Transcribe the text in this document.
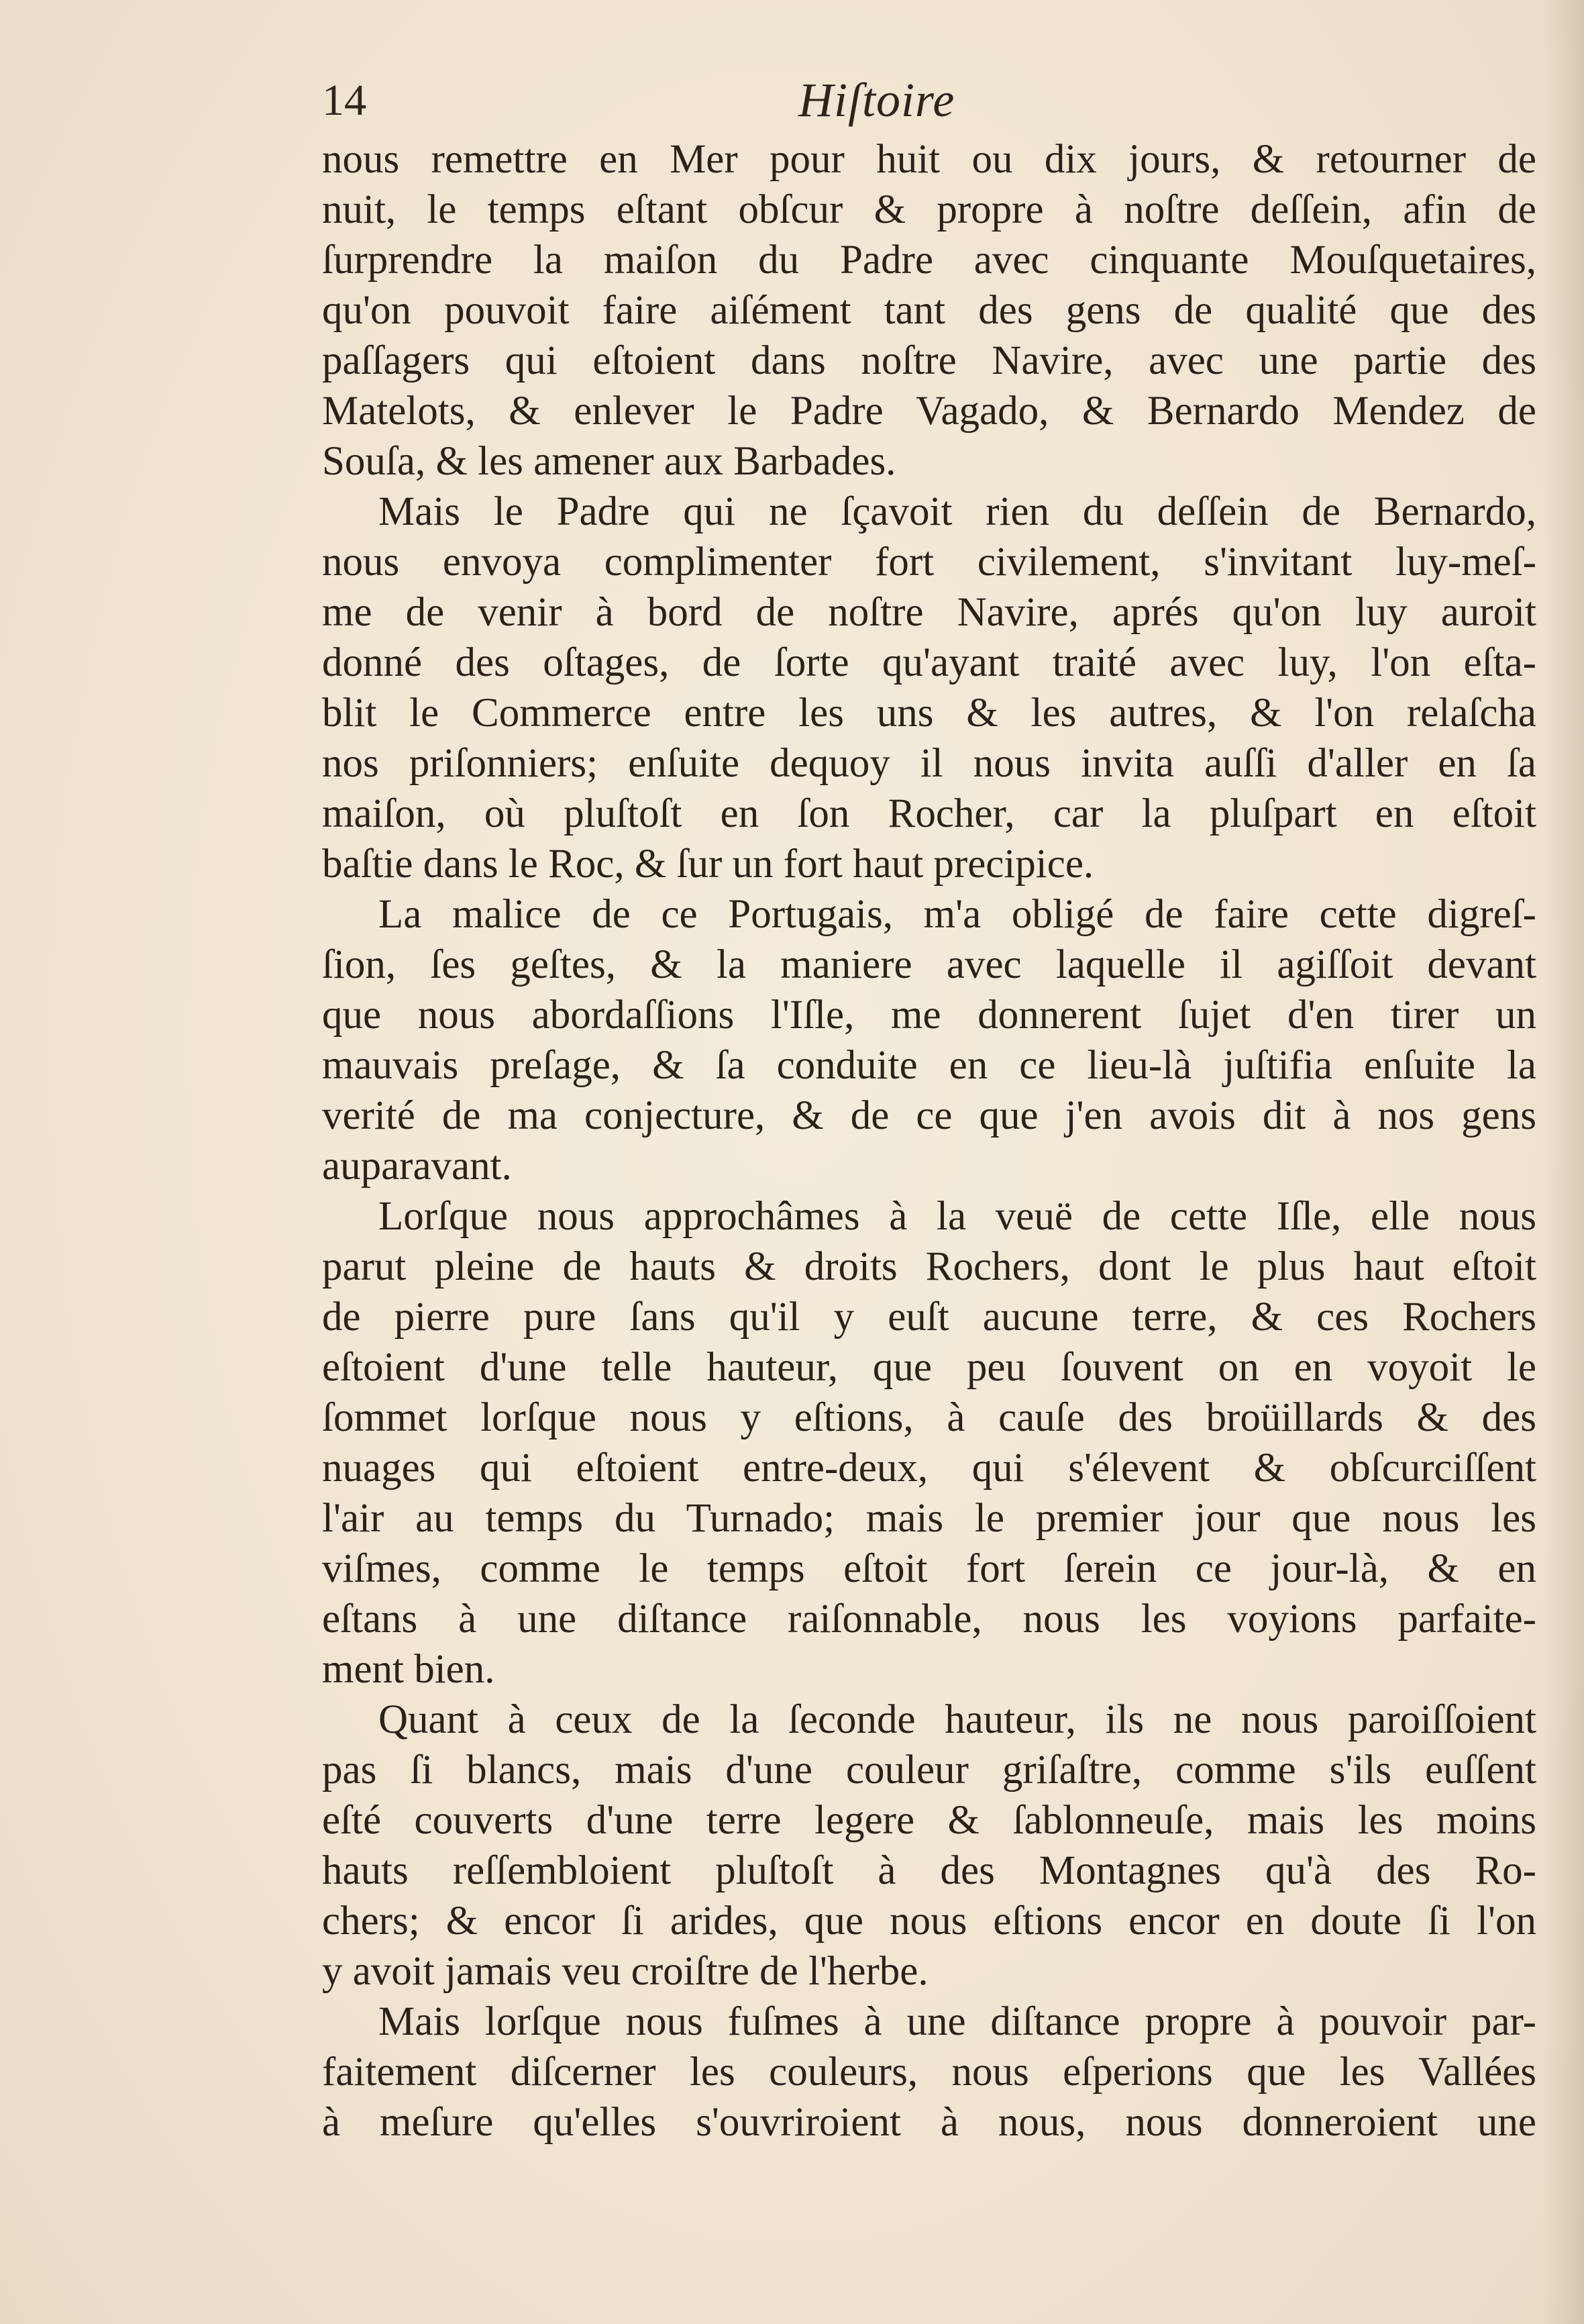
14	Hiſtoire
nous remettre en Mer pour huit ou dix jours, & retourner de
nuit, le temps eſtant obſcur & propre à noſtre deſſein, afin de
ſurprendre la maiſon du Padre avec cinquante Mouſquetaires,
qu'on pouvoit faire aiſément tant des gens de qualité que des
paſſagers qui eſtoient dans noſtre Navire, avec une partie des
Matelots, & enlever le Padre Vagado, & Bernardo Mendez de
Souſa, & les amener aux Barbades.
Mais le Padre qui ne ſçavoit rien du deſſein de Bernardo,
nous envoya complimenter fort civilement, s'invitant luy-meſ-
me de venir à bord de noſtre Navire, aprés qu'on luy auroit
donné des oſtages, de ſorte qu'ayant traité avec luy, l'on eſta-
blit le Commerce entre les uns & les autres, & l'on relaſcha
nos priſonniers; enſuite dequoy il nous invita auſſi d'aller en ſa
maiſon, où pluſtoſt en ſon Rocher, car la pluſpart en eſtoit
baſtie dans le Roc, & ſur un fort haut precipice.
La malice de ce Portugais, m'a obligé de faire cette digreſ-
ſion, ſes geſtes, & la maniere avec laquelle il agiſſoit devant
que nous abordaſſions l'Iſle, me donnerent ſujet d'en tirer un
mauvais preſage, & ſa conduite en ce lieu-là juſtifia enſuite la
verité de ma conjecture, & de ce que j'en avois dit à nos gens
auparavant.
Lorſque nous approchâmes à la veuë de cette Iſle, elle nous
parut pleine de hauts & droits Rochers, dont le plus haut eſtoit
de pierre pure ſans qu'il y euſt aucune terre, & ces Rochers
eſtoient d'une telle hauteur, que peu ſouvent on en voyoit le
ſommet lorſque nous y eſtions, à cauſe des broüillards & des
nuages qui eſtoient entre-deux, qui s'élevent & obſcurciſſent
l'air au temps du Turnado; mais le premier jour que nous les
viſmes, comme le temps eſtoit fort ſerein ce jour-là, & en
eſtans à une diſtance raiſonnable, nous les voyions parfaite-
ment bien.
Quant à ceux de la ſeconde hauteur, ils ne nous paroiſſoient
pas ſi blancs, mais d'une couleur griſaſtre, comme s'ils euſſent
eſté couverts d'une terre legere & ſablonneuſe, mais les moins
hauts reſſembloient pluſtoſt à des Montagnes qu'à des Ro-
chers; & encor ſi arides, que nous eſtions encor en doute ſi l'on
y avoit jamais veu croiſtre de l'herbe.
Mais lorſque nous fuſmes à une diſtance propre à pouvoir par-
faitement diſcerner les couleurs, nous eſperions que les Vallées
à meſure qu'elles s'ouvriroient à nous, nous donneroient une
